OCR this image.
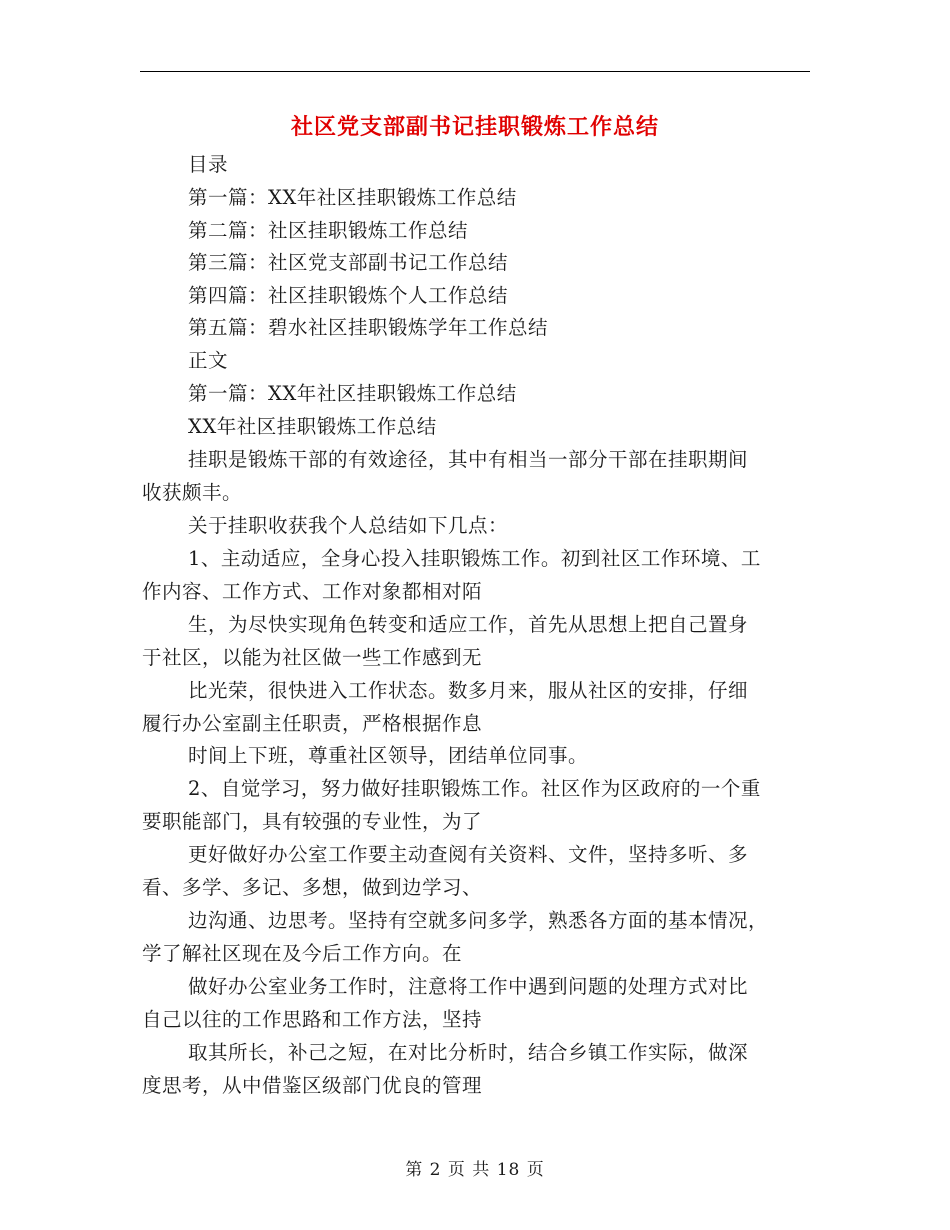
社区党支部副书记挂职锻炼工作总结
目录
第一篇：XX年社区挂职锻炼工作总结
第二篇：社区挂职锻炼工作总结
第三篇：社区党支部副书记工作总结
第四篇：社区挂职锻炼个人工作总结
第五篇：碧水社区挂职锻炼学年工作总结
正文
第一篇：XX年社区挂职锻炼工作总结
XX年社区挂职锻炼工作总结
挂职是锻炼干部的有效途径，其中有相当一部分干部在挂职期间
收获颇丰。
关于挂职收获我个人总结如下几点：
1、主动适应，全身心投入挂职锻炼工作。初到社区工作环境、工
作内容、工作方式、工作对象都相对陌
生，为尽快实现角色转变和适应工作，首先从思想上把自己置身
于社区，以能为社区做一些工作感到无
比光荣，很快进入工作状态。数多月来，服从社区的安排，仔细
履行办公室副主任职责，严格根据作息
时间上下班，尊重社区领导，团结单位同事。
2、自觉学习，努力做好挂职锻炼工作。社区作为区政府的一个重
要职能部门，具有较强的专业性，为了
更好做好办公室工作要主动查阅有关资料、文件，坚持多听、多
看、多学、多记、多想，做到边学习、
边沟通、边思考。坚持有空就多问多学，熟悉各方面的基本情况，
学了解社区现在及今后工作方向。在
做好办公室业务工作时，注意将工作中遇到问题的处理方式对比
自己以往的工作思路和工作方法，坚持
取其所长，补己之短，在对比分析时，结合乡镇工作实际，做深
度思考，从中借鉴区级部门优良的管理
第 2 页 共 18 页
